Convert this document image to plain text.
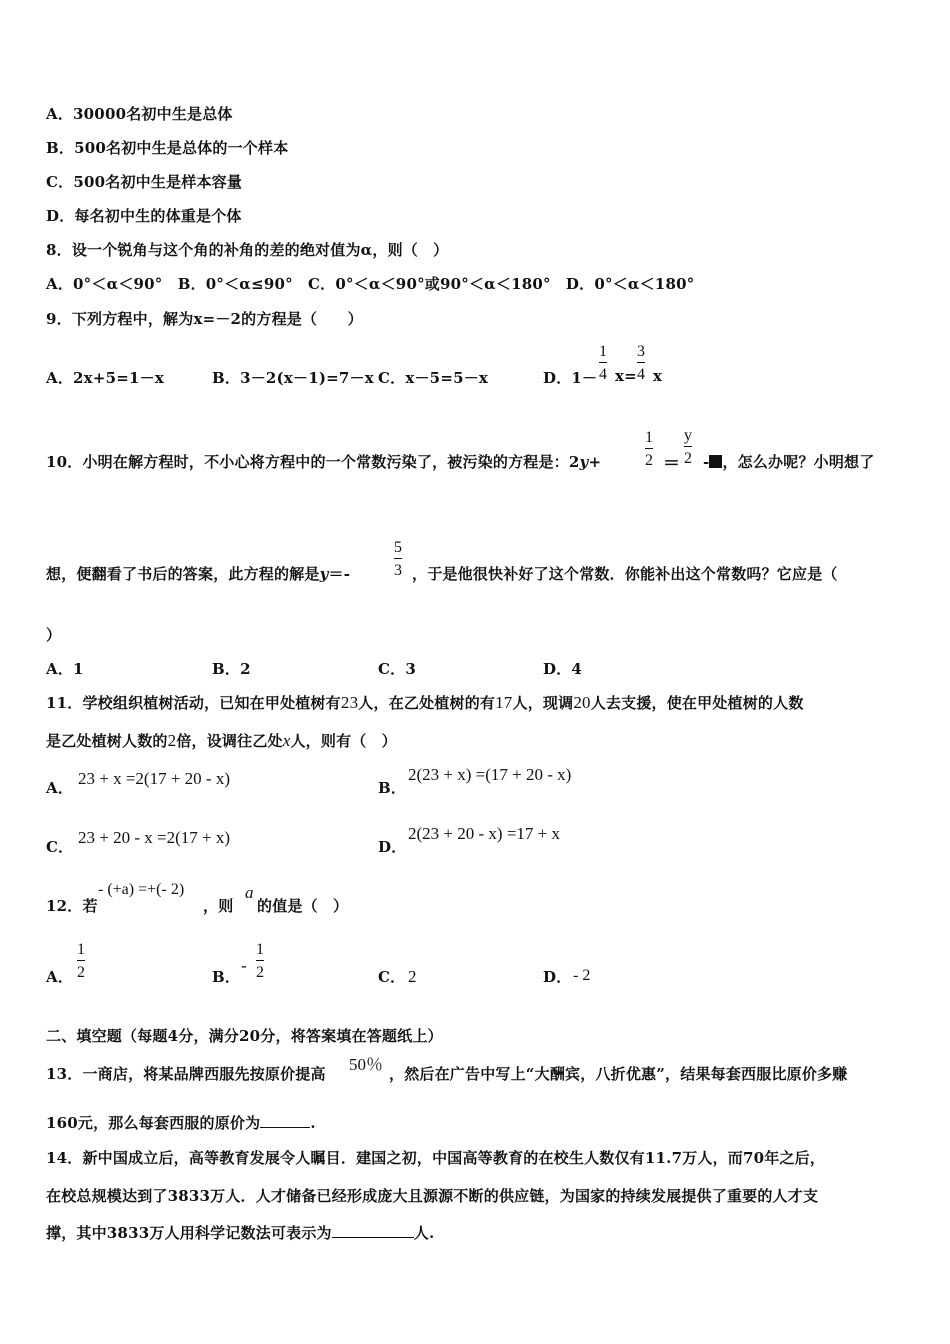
A．30000名初中生是总体
B．500名初中生是总体的一个样本
C．500名初中生是样本容量
D．每名初中生的体重是个体
8．设一个锐角与这个角的补角的差的绝对值为α，则（　）
A．0°＜α＜90°　B．0°＜α≤90°　C．0°＜α＜90°或90°＜α＜180°　D．0°＜α＜180°
9．下列方程中，解为x=－2的方程是（　　）
A．2x+5=1－x	B．3－2(x－1)=7－x C．x－5=5－x	D．1－
1
4 x=
3
4 x
10．小明在解方程时，不小心将方程中的一个常数污染了，被污染的方程是：2y+
1
2 ＝
y
2 - ，怎么办呢？小明想了
想，便翻看了书后的答案，此方程的解是y＝-
5
3 ，于是他很快补好了这个常数．你能补出这个常数吗？它应是（
）
A．1	B．2	C．3	D．4
11．学校组织植树活动，已知在甲处植树有23人，在乙处植树的有17人，现调20人去支援，使在甲处植树的人数
是乙处植树人数的2倍，设调往乙处x人，则有（　）
A． 23 + x =2(17 + 20 - x)	B．
2(23 + x) =(17 + 20 - x)
C． 23 + 20 - x =2(17 + x)	D．
2(23 + 20 - x) =17 + x
12．若
- (+a) =+(- 2)
，则
a
的值是（　）
A．
1
2	B．
-
1
2	C． 2	D． - 2
二、填空题（每题4分，满分20分，将答案填在答题纸上）
13．一商店，将某品牌西服先按原价提高 50％ ，然后在广告中写上“大酬宾，八折优惠”，结果每套西服比原价多赚
160元，那么每套西服的原价为	.
14．新中国成立后，高等教育发展令人瞩目．建国之初，中国高等教育的在校生人数仅有11.7万人，而70年之后，
在校总规模达到了3833万人．人才储备已经形成庞大且源源不断的供应链，为国家的持续发展提供了重要的人才支
撑，其中3833万人用科学记数法可表示为	人.
